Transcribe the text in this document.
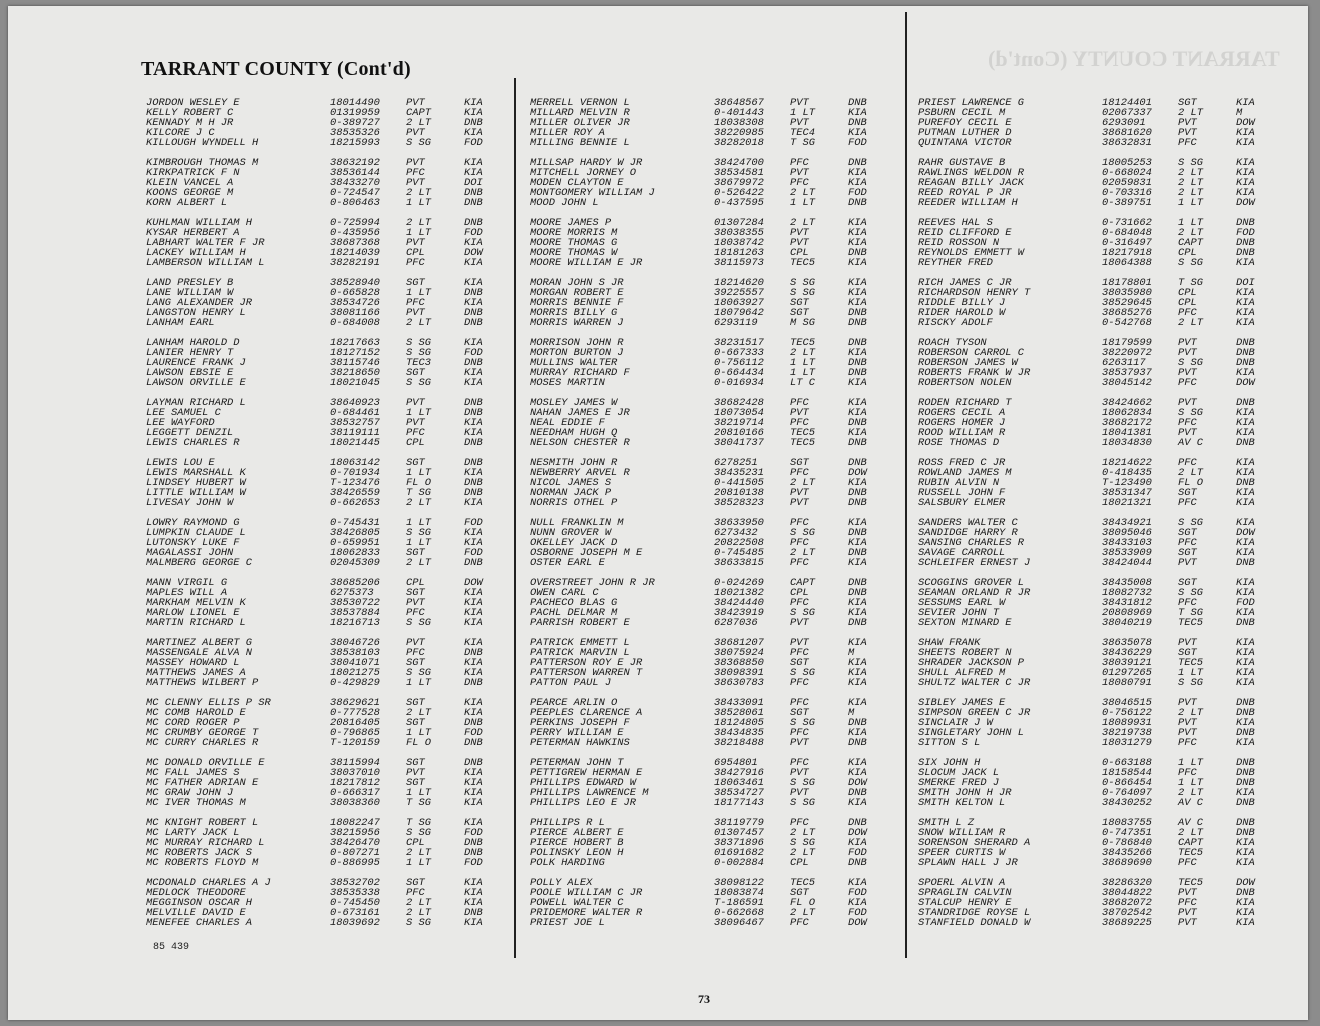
TARRANT COUNTY (Cont'd)
TARRANT COUNTY (Cont'd)
JORDON WESLEY E	18014490	PVT	KIA
KELLY ROBERT C	01319959	CAPT	KIA
KENNADY M H JR	0-389727	2 LT	DNB
KILCORE J C	38535326	PVT	KIA
KILLOUGH WYNDELL H	18215993	S SG	FOD
KIMBROUGH THOMAS M	38632192	PVT	KIA
KIRKPATRICK F N	38536144	PFC	KIA
KLEIN VANCEL A	38433270	PVT	DOI
KOONS GEORGE M	0-724547	2 LT	DNB
KORN ALBERT L	0-806463	1 LT	DNB
KUHLMAN WILLIAM H	0-725994	2 LT	DNB
KYSAR HERBERT A	0-435956	1 LT	FOD
LABHART WALTER F JR	38687368	PVT	KIA
LACKEY WILLIAM H	18214039	CPL	DOW
LAMBERSON WILLIAM L	38282191	PFC	KIA
LAND PRESLEY B	38528940	SGT	KIA
LANE WILLIAM W	0-665828	1 LT	DNB
LANG ALEXANDER JR	38534726	PFC	KIA
LANGSTON HENRY L	38081166	PVT	DNB
LANHAM EARL	0-684008	2 LT	DNB
LANHAM HAROLD D	18217663	S SG	KIA
LANIER HENRY T	18127152	S SG	FOD
LAURENCE FRANK J	38115746	TEC3	DNB
LAWSON EBSIE E	38218650	SGT	KIA
LAWSON ORVILLE E	18021045	S SG	KIA
LAYMAN RICHARD L	38640923	PVT	DNB
LEE SAMUEL C	0-684461	1 LT	DNB
LEE WAYFORD	38532757	PVT	KIA
LEGGETT DENZIL	38119111	PFC	KIA
LEWIS CHARLES R	18021445	CPL	DNB
LEWIS LOU E	18063142	SGT	DNB
LEWIS MARSHALL K	0-701934	1 LT	KIA
LINDSEY HUBERT W	T-123476	FL O	DNB
LITTLE WILLIAM W	38426559	T SG	DNB
LIVESAY JOHN W	0-662653	2 LT	KIA
LOWRY RAYMOND G	0-745431	1 LT	FOD
LUMPKIN CLAUDE L	38426805	S SG	KIA
LUTONSKY LUKE F	0-659951	1 LT	KIA
MAGALASSI JOHN	18062833	SGT	FOD
MALMBERG GEORGE C	02045309	2 LT	DNB
MANN VIRGIL G	38685206	CPL	DOW
MAPLES WILL A	6275373	SGT	KIA
MARKHAM MELVIN K	38530722	PVT	KIA
MARLOW LIONEL E	38537884	PFC	KIA
MARTIN RICHARD L	18216713	S SG	KIA
MARTINEZ ALBERT G	38046726	PVT	KIA
MASSENGALE ALVA N	38538103	PFC	DNB
MASSEY HOWARD L	38041071	SGT	KIA
MATTHEWS JAMES A	18021275	S SG	KIA
MATTHEWS WILBERT P	0-429829	1 LT	DNB
MC CLENNY ELLIS P SR	38629621	SGT	KIA
MC COMB HAROLD E	0-777528	2 LT	KIA
MC CORD ROGER P	20816405	SGT	DNB
MC CRUMBY GEORGE T	0-796865	1 LT	FOD
MC CURRY CHARLES R	T-120159	FL O	DNB
MC DONALD ORVILLE E	38115994	SGT	DNB
MC FALL JAMES S	38037010	PVT	KIA
MC FATHER ADRIAN E	18217812	SGT	KIA
MC GRAW JOHN J	0-666317	1 LT	KIA
MC IVER THOMAS M	38038360	T SG	KIA
MC KNIGHT ROBERT L	18082247	T SG	KIA
MC LARTY JACK L	38215956	S SG	FOD
MC MURRAY RICHARD L	38426470	CPL	DNB
MC ROBERTS JACK S	0-807271	2 LT	DNB
MC ROBERTS FLOYD M	0-886995	1 LT	FOD
MCDONALD CHARLES A J	38532702	SGT	KIA
MEDLOCK THEODORE	38535338	PFC	KIA
MEGGINSON OSCAR H	0-745450	2 LT	KIA
MELVILLE DAVID E	0-673161	2 LT	DNB
MENEFEE CHARLES A	18039692	S SG	KIA
MERRELL VERNON L	38648567	PVT	DNB
MILLARD MELVIN R	0-401443	1 LT	KIA
MILLER OLIVER JR	18038308	PVT	DNB
MILLER ROY A	38220985	TEC4	KIA
MILLING BENNIE L	38282018	T SG	FOD
MILLSAP HARDY W JR	38424700	PFC	DNB
MITCHELL JORNEY O	38534581	PVT	KIA
MODEN CLAYTON E	38679972	PFC	KIA
MONTGOMERY WILLIAM J	0-526422	2 LT	FOD
MOOD JOHN L	0-437595	1 LT	DNB
MOORE JAMES P	01307284	2 LT	KIA
MOORE MORRIS M	38038355	PVT	KIA
MOORE THOMAS G	18038742	PVT	KIA
MOORE THOMAS W	18181263	CPL	DNB
MOORE WILLIAM E JR	38115973	TEC5	KIA
MORAN JOHN S JR	18214620	S SG	KIA
MORGAN ROBERT E	39225557	S SG	KIA
MORRIS BENNIE F	18063927	SGT	KIA
MORRIS BILLY G	18079642	SGT	DNB
MORRIS WARREN J	6293119	M SG	DNB
MORRISON JOHN R	38231517	TEC5	DNB
MORTON BURTON J	0-667333	2 LT	KIA
MULLINS WALTER	0-756112	1 LT	DNB
MURRAY RICHARD F	0-664434	1 LT	DNB
MOSES MARTIN	0-016934	LT C	KIA
MOSLEY JAMES W	38682428	PFC	KIA
NAHAN JAMES E JR	18073054	PVT	KIA
NEAL EDDIE F	38219714	PFC	DNB
NEEDHAM HUGH Q	20810166	TEC5	KIA
NELSON CHESTER R	38041737	TEC5	DNB
NESMITH JOHN R	6278251	SGT	DNB
NEWBERRY ARVEL R	38435231	PFC	DOW
NICOL JAMES S	0-441505	2 LT	KIA
NORMAN JACK P	20810138	PVT	DNB
NORRIS OTHEL P	38528323	PVT	DNB
NULL FRANKLIN M	38633950	PFC	KIA
NUNN GROVER W	6273432	S SG	DNB
OKELLEY JACK D	20822508	PFC	KIA
OSBORNE JOSEPH M E	0-745485	2 LT	DNB
OSTER EARL E	38633815	PFC	KIA
OVERSTREET JOHN R JR	0-024269	CAPT	DNB
OWEN CARL C	18021382	CPL	DNB
PACHECO BLAS G	38424440	PFC	KIA
PACHL DELMAR M	38423919	S SG	KIA
PARRISH ROBERT E	6287036	PVT	DNB
PATRICK EMMETT L	38681207	PVT	KIA
PATRICK MARVIN L	38075924	PFC	M
PATTERSON ROY E JR	38368850	SGT	KIA
PATTERSON WARREN T	38098391	S SG	KIA
PATTON PAUL J	38630783	PFC	KIA
PEARCE ARLIN O	38433091	PFC	KIA
PEEPLES CLARENCE A	38528061	SGT	M
PERKINS JOSEPH F	18124805	S SG	DNB
PERRY WILLIAM E	38434835	PFC	KIA
PETERMAN HAWKINS	38218488	PVT	DNB
PETERMAN JOHN T	6954801	PFC	KIA
PETTIGREW HERMAN E	38427916	PVT	KIA
PHILLIPS EDWARD W	18063461	S SG	DOW
PHILLIPS LAWRENCE M	38534727	PVT	DNB
PHILLIPS LEO E JR	18177143	S SG	KIA
PHILLIPS R L	38119779	PFC	DNB
PIERCE ALBERT E	01307457	2 LT	DOW
PIERCE HOBERT B	38371896	S SG	KIA
POLINSKY LEON H	01691682	2 LT	FOD
POLK HARDING	0-002884	CPL	DNB
POLLY ALEX	38098122	TEC5	KIA
POOLE WILLIAM C JR	18083874	SGT	FOD
POWELL WALTER C	T-186591	FL O	KIA
PRIDEMORE WALTER R	0-662668	2 LT	FOD
PRIEST JOE L	38096467	PFC	DOW
PRIEST LAWRENCE G	18124401	SGT	KIA
PSBURN CECIL M	02067337	2 LT	M
PUREFOY CECIL E	6293091	PVT	DOW
PUTMAN LUTHER D	38681620	PVT	KIA
QUINTANA VICTOR	38632831	PFC	KIA
RAHR GUSTAVE B	18005253	S SG	KIA
RAWLINGS WELDON R	0-668024	2 LT	KIA
REAGAN BILLY JACK	02059831	2 LT	KIA
REED ROYAL P JR	0-703316	2 LT	KIA
REEDER WILLIAM H	0-389751	1 LT	DOW
REEVES HAL S	0-731662	1 LT	DNB
REID CLIFFORD E	0-684048	2 LT	FOD
REID ROSSON N	0-316497	CAPT	DNB
REYNOLDS EMMETT W	18217918	CPL	DNB
REYTHER FRED	18064388	S SG	KIA
RICH JAMES C JR	18178801	T SG	DOI
RICHARDSON HENRY T	38035980	CPL	KIA
RIDDLE BILLY J	38529645	CPL	KIA
RIDER HAROLD W	38685276	PFC	KIA
RISCKY ADOLF	0-542768	2 LT	KIA
ROACH TYSON	18179599	PVT	DNB
ROBERSON CARROL C	38220972	PVT	DNB
ROBERSON JAMES W	6263117	S SG	DNB
ROBERTS FRANK W JR	38537937	PVT	KIA
ROBERTSON NOLEN	38045142	PFC	DOW
RODEN RICHARD T	38424662	PVT	DNB
ROGERS CECIL A	18062834	S SG	KIA
ROGERS HOMER J	38682172	PFC	KIA
ROOD WILLIAM R	18041381	PVT	KIA
ROSE THOMAS D	18034830	AV C	DNB
ROSS FRED C JR	18214622	PFC	KIA
ROWLAND JAMES M	0-418435	2 LT	KIA
RUBIN ALVIN N	T-123490	FL O	DNB
RUSSELL JOHN F	38531347	SGT	KIA
SALSBURY ELMER	18021321	PFC	KIA
SANDERS WALTER C	38434921	S SG	KIA
SANDIDGE HARRY R	38095046	SGT	DOW
SANSING CHARLES R	38433103	PFC	KIA
SAVAGE CARROLL	38533909	SGT	KIA
SCHLEIFER ERNEST J	38424044	PVT	DNB
SCOGGINS GROVER L	38435008	SGT	KIA
SEAMAN ORLAND R JR	18082732	S SG	KIA
SESSUMS EARL W	38431812	PFC	FOD
SEVIER JOHN T	20808969	T SG	KIA
SEXTON MINARD E	38040219	TEC5	DNB
SHAW FRANK	38635078	PVT	KIA
SHEETS ROBERT N	38436229	SGT	KIA
SHRADER JACKSON P	38039121	TEC5	KIA
SHULL ALFRED M	01297265	1 LT	KIA
SHULTZ WALTER C JR	18080791	S SG	KIA
SIBLEY JAMES E	38046515	PVT	DNB
SIMPSON GREEN C JR	0-756122	2 LT	DNB
SINCLAIR J W	18089931	PVT	KIA
SINGLETARY JOHN L	38219738	PVT	DNB
SITTON S L	18031279	PFC	KIA
SIX JOHN H	0-663188	1 LT	DNB
SLOCUM JACK L	18158544	PFC	DNB
SMERKE FRED J	0-866454	1 LT	DNB
SMITH JOHN H JR	0-764097	2 LT	KIA
SMITH KELTON L	38430252	AV C	DNB
SMITH L Z	18083755	AV C	DNB
SNOW WILLIAM R	0-747351	2 LT	DNB
SORENSON SHERARD A	0-786840	CAPT	KIA
SPEER CURTIS W	38435266	TEC5	KIA
SPLAWN HALL J JR	38689690	PFC	KIA
SPOERL ALVIN A	38286320	TEC5	DOW
SPRAGLIN CALVIN	38044822	PVT	DNB
STALCUP HENRY E	38682072	PFC	KIA
STANDRIDGE ROYSE L	38702542	PVT	KIA
STANFIELD DONALD W	38689225	PVT	KIA
85 439
73
